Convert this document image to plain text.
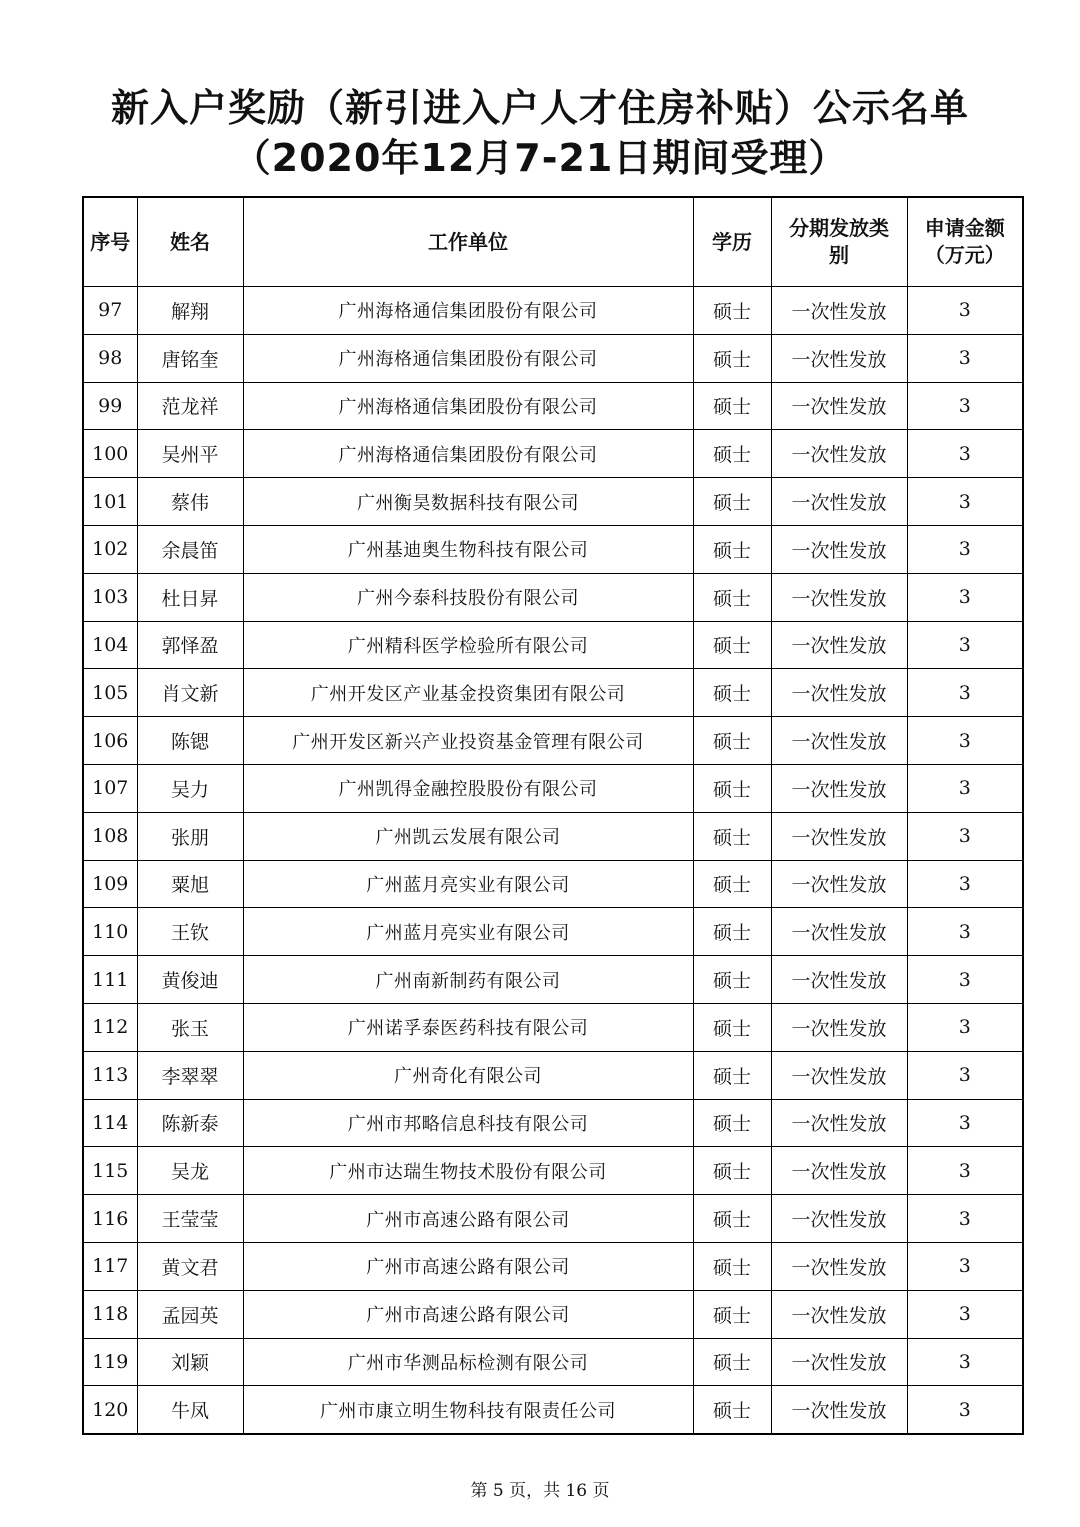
新入户奖励（新引进入户人才住房补贴）公示名单
（2020年12月7-21日期间受理）
序号	姓名	工作单位	学历	分期发放类别	申请金额（万元）
97	解翔	广州海格通信集团股份有限公司	硕士	一次性发放	3
98	唐铭奎	广州海格通信集团股份有限公司	硕士	一次性发放	3
99	范龙祥	广州海格通信集团股份有限公司	硕士	一次性发放	3
100	吴州平	广州海格通信集团股份有限公司	硕士	一次性发放	3
101	蔡伟	广州衡昊数据科技有限公司	硕士	一次性发放	3
102	余晨笛	广州基迪奥生物科技有限公司	硕士	一次性发放	3
103	杜日昇	广州今泰科技股份有限公司	硕士	一次性发放	3
104	郭怿盈	广州精科医学检验所有限公司	硕士	一次性发放	3
105	肖文新	广州开发区产业基金投资集团有限公司	硕士	一次性发放	3
106	陈锶	广州开发区新兴产业投资基金管理有限公司	硕士	一次性发放	3
107	吴力	广州凯得金融控股股份有限公司	硕士	一次性发放	3
108	张朋	广州凯云发展有限公司	硕士	一次性发放	3
109	粟旭	广州蓝月亮实业有限公司	硕士	一次性发放	3
110	王钦	广州蓝月亮实业有限公司	硕士	一次性发放	3
111	黄俊迪	广州南新制药有限公司	硕士	一次性发放	3
112	张玉	广州诺孚泰医药科技有限公司	硕士	一次性发放	3
113	李翠翠	广州奇化有限公司	硕士	一次性发放	3
114	陈新泰	广州市邦略信息科技有限公司	硕士	一次性发放	3
115	吴龙	广州市达瑞生物技术股份有限公司	硕士	一次性发放	3
116	王莹莹	广州市高速公路有限公司	硕士	一次性发放	3
117	黄文君	广州市高速公路有限公司	硕士	一次性发放	3
118	孟园英	广州市高速公路有限公司	硕士	一次性发放	3
119	刘颖	广州市华测品标检测有限公司	硕士	一次性发放	3
120	牛凤	广州市康立明生物科技有限责任公司	硕士	一次性发放	3
第 5 页，共 16 页
